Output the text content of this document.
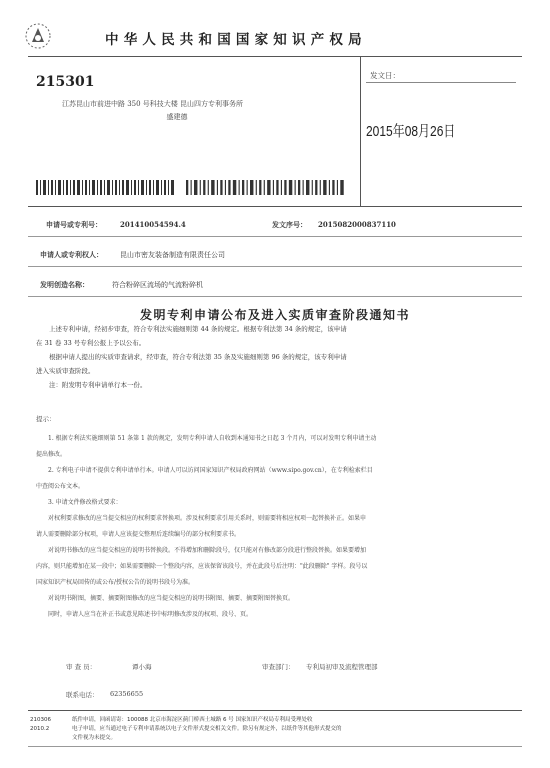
中华人民共和国国家知识产权局
215301
江苏昆山市前进中路 350 号科技大楼 昆山四方专利事务所
盛建德
发文日：
2015年08月26日
申请号或专利号：	201410054594.4	发文序号： 2015082000837110
申请人或专利权人： 昆山市密友装备制造有限责任公司
发明创造名称：	符合粉碎区流场的气流粉碎机
发明专利申请公布及进入实质审查阶段通知书
上述专利申请，经初步审查，符合专利法实施细则第 44 条的规定。根据专利法第 34 条的规定，该申请
在 31 卷 33 号专利公报上予以公布。
根据申请人提出的实质审查请求，经审查，符合专利法第 35 条及实施细则第 96 条的规定，该专利申请
进入实质审查阶段。
注：附发明专利申请单行本一份。
提示：
1. 根据专利法实施细则第 51 条第 1 款的规定，发明专利申请人自收到本通知书之日起 3 个月内，可以对发明专利申请主动
提出修改。
2. 专利电子申请不提供专利申请单行本。申请人可以访问国家知识产权局政府网站（www.sipo.gov.cn），在专利检索栏目
中查阅公布文本。
3. 申请文件修改格式要求：
对权利要求修改的应当提交相应的权利要求替换项。涉及权利要求引用关系时，则需要将相应权项一起替换补正。如果申
请人需要删除部分权项，申请人应该提交整理后连续编号的部分权利要求书。
对说明书修改的应当提交相应的说明书替换段。不得增加和删除段号，仅只能对有修改部分段进行整段替换。如果要增加
内容，则只能增加在某一段中；如果需要删除一个整段内容，应该保留该段号，并在此段号后注明："此段删除" 字样。段号以
国家知识产权局回传的或公布/授权公告的说明书段号为准。
对说明书附图，摘要、摘要附图修改的应当提交相应的说明书附图、摘要、摘要附图替换页。
同时，申请人应当在补正书或意见陈述书中标明修改涉及的权项、段号、页。
审 查 员：	谭小海	审查部门： 专利局初审及流程管理部
联系电话： 62356655
210306
2010.2
纸件申请，回函请寄：100088 北京市海淀区蓟门桥西土城路 6 号 国家知识产权局专利局受理处收
电子申请，应当通过电子专利申请系统以电子文件形式提交相关文件。除另有规定外，以纸件等其他形式提交的
文件视为未提交。
